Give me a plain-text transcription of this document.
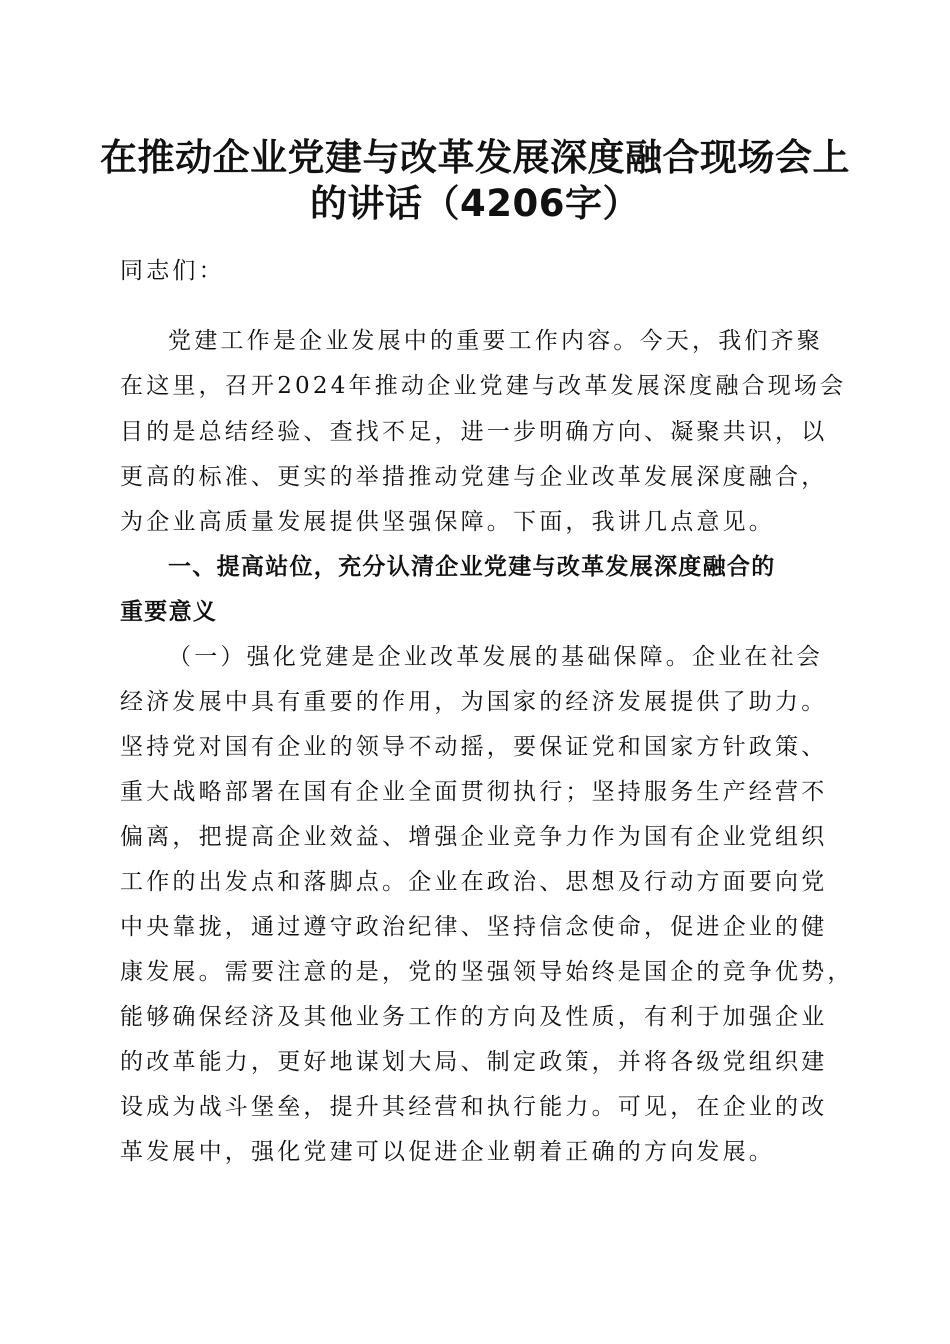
在推动企业党建与改革发展深度融合现场会上
的讲话（4206字）

同志们：

党建工作是企业发展中的重要工作内容。今天，我们齐聚

在这里，召开2024年推动企业党建与改革发展深度融合现场会

目的是总结经验、查找不足，进一步明确方向、凝聚共识，以

更高的标准、更实的举措推动党建与企业改革发展深度融合，

为企业高质量发展提供坚强保障。下面，我讲几点意见。

一、提高站位，充分认清企业党建与改革发展深度融合的

重要意义

（一）强化党建是企业改革发展的基础保障。企业在社会

经济发展中具有重要的作用，为国家的经济发展提供了助力。

坚持党对国有企业的领导不动摇，要保证党和国家方针政策、

重大战略部署在国有企业全面贯彻执行；坚持服务生产经营不

偏离，把提高企业效益、增强企业竞争力作为国有企业党组织

工作的出发点和落脚点。企业在政治、思想及行动方面要向党

中央靠拢，通过遵守政治纪律、坚持信念使命，促进企业的健

康发展。需要注意的是，党的坚强领导始终是国企的竞争优势，

能够确保经济及其他业务工作的方向及性质，有利于加强企业

的改革能力，更好地谋划大局、制定政策，并将各级党组织建

设成为战斗堡垒，提升其经营和执行能力。可见，在企业的改

革发展中，强化党建可以促进企业朝着正确的方向发展。
